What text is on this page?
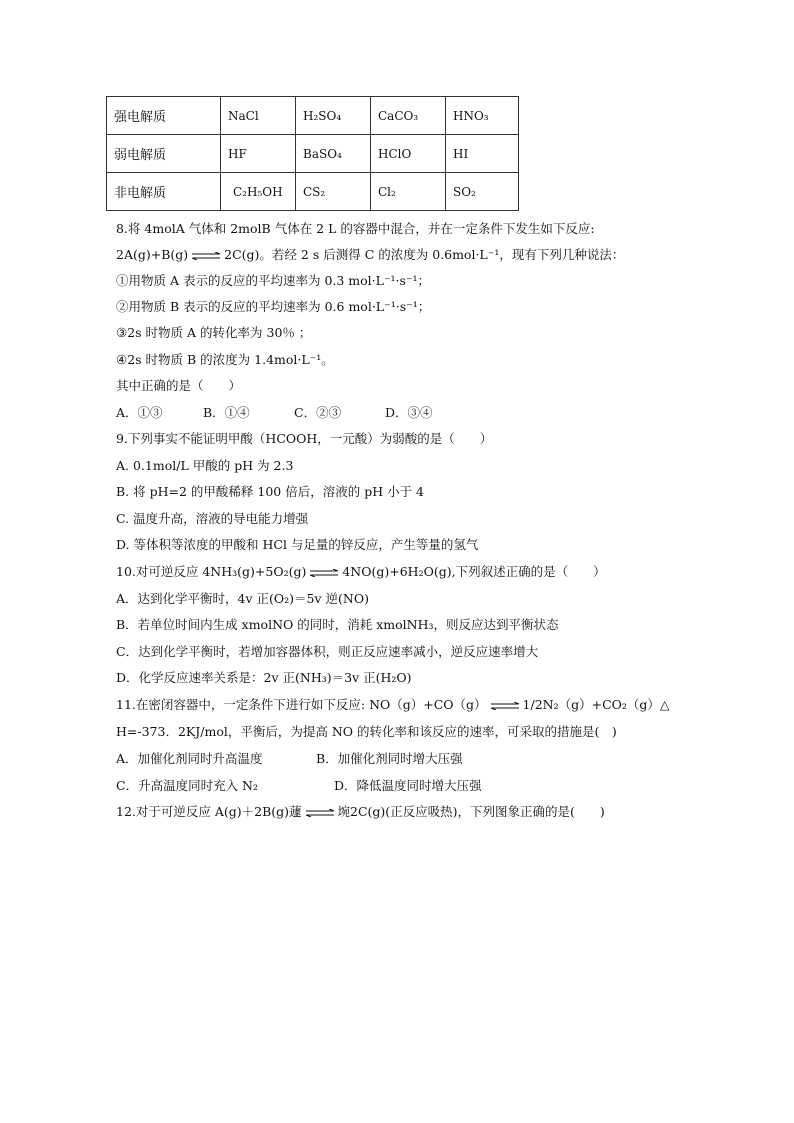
强电解质	NaCl	H₂SO₄	CaCO₃	HNO₃
弱电解质	HF	BaSO₄	HClO	HI
非电解质	C₂H₅OH	CS₂	Cl₂	SO₂
8.将 4molA 气体和 2molB 气体在 2 L 的容器中混合，并在一定条件下发生如下反应:
2A(g)+B(g) ⇌ 2C(g)。若经 2 s 后测得 C 的浓度为 0.6mol·L⁻¹，现有下列几种说法：
①用物质 A 表示的反应的平均速率为 0.3 mol·L⁻¹·s⁻¹；
②用物质 B 表示的反应的平均速率为 0.6 mol·L⁻¹·s⁻¹；
③2s 时物质 A 的转化率为 30％ ；
④2s 时物质 B 的浓度为 1.4mol·L⁻¹。
其中正确的是（　　）
A．①③	B．①④	C．②③	D．③④
9.下列事实不能证明甲酸（HCOOH，一元酸）为弱酸的是（　　）
A. 0.1mol/L 甲酸的 pH 为 2.3
B. 将 pH=2 的甲酸稀释 100 倍后，溶液的 pH 小于 4
C. 温度升高，溶液的导电能力增强
D. 等体积等浓度的甲酸和 HCl 与足量的锌反应，产生等量的氢气
10.对可逆反应 4NH₃(g)+5O₂(g) ⇌ 4NO(g)+6H₂O(g),下列叙述正确的是（　　）
A．达到化学平衡时，4v 正(O₂)＝5v 逆(NO)
B．若单位时间内生成 xmolNO 的同时，消耗 xmolNH₃，则反应达到平衡状态
C．达到化学平衡时，若增加容器体积，则正反应速率减小，逆反应速率增大
D．化学反应速率关系是：2v 正(NH₃)＝3v 正(H₂O)
11.在密闭容器中，一定条件下进行如下反应: NO（g）+CO（g） ⇌ 1/2N₂（g）+CO₂（g）△
H=-373．2KJ/mol，平衡后，为提高 NO 的转化率和该反应的速率，可采取的措施是(　)
A．加催化剂同时升高温度	B．加催化剂同时增大压强
C．升高温度同时充入 N₂	D．降低温度同时增大压强
12.对于可逆反应 A(g)＋2B(g)蘧 ⇌ 埦2C(g)(正反应吸热)，下列图象正确的是(　　)
